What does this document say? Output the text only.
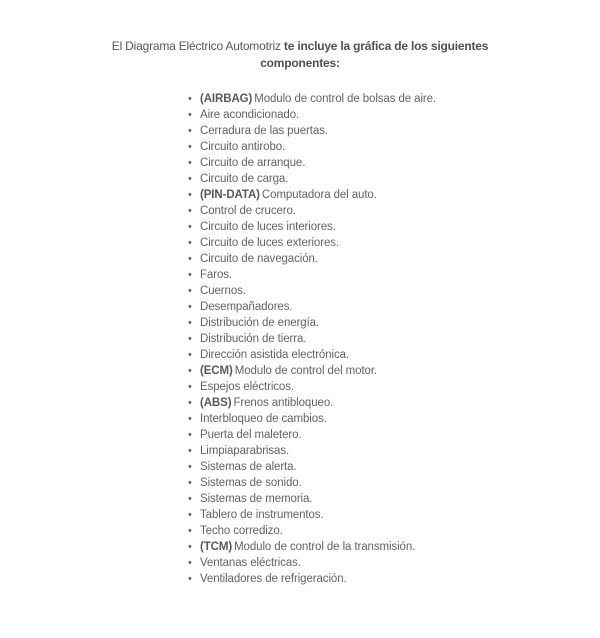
El Diagrama Eléctrico Automotriz te incluye la gráfica de los siguientes componentes:

• (AIRBAG) Modulo de control de bolsas de aire.
• Aire acondicionado.
• Cerradura de las puertas.
• Circuito antirobo.
• Circuito de arranque.
• Circuito de carga.
• (PIN-DATA) Computadora del auto.
• Control de crucero.
• Circuito de luces interiores.
• Circuito de luces exteriores.
• Circuito de navegación.
• Faros.
• Cuernos.
• Desempañadores.
• Distribución de energía.
• Distribución de tierra.
• Dirección asistida electrónica.
• (ECM) Modulo de control del motor.
• Espejos eléctricos.
• (ABS) Frenos antibloqueo.
• Interbloqueo de cambios.
• Puerta del maletero.
• Limpiaparabrisas.
• Sistemas de alerta.
• Sistemas de sonido.
• Sistemas de memoria.
• Tablero de instrumentos.
• Techo corredizo.
• (TCM) Modulo de control de la transmisión.
• Ventanas eléctricas.
• Ventiladores de refrigeración.
